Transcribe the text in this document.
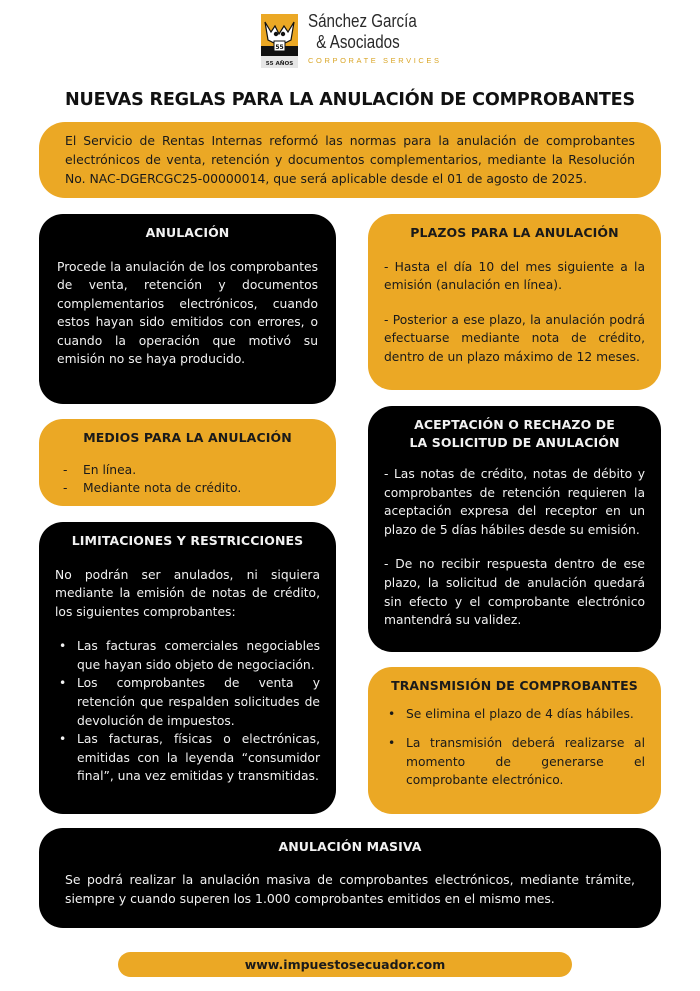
55
55 AÑOS
Sánchez García
& Asociados
CORPORATE SERVICES
NUEVAS REGLAS PARA LA ANULACIÓN DE COMPROBANTES

El Servicio de Rentas Internas reformó las normas para la anulación de comprobantes electrónicos de venta, retención y documentos complementarios, mediante la Resolución No. NAC-DGERCGC25-00000014, que será aplicable desde el 01 de agosto de 2025.

ANULACIÓN

Procede la anulación de los comprobantes de venta, retención y documentos complementarios electrónicos, cuando estos hayan sido emitidos con errores, o cuando la operación que motivó su emisión no se haya producido.

PLAZOS PARA LA ANULACIÓN

- Hasta el día 10 del mes siguiente a la emisión (anulación en línea).

- Posterior a ese plazo, la anulación podrá efectuarse mediante nota de crédito, dentro de un plazo máximo de 12 meses.

MEDIOS PARA LA ANULACIÓN
- En línea.
- Mediante nota de crédito.
ACEPTACIÓN O RECHAZO DE LA SOLICITUD DE ANULACIÓN

- Las notas de crédito, notas de débito y comprobantes de retención requieren la aceptación expresa del receptor en un plazo de 5 días hábiles desde su emisión.

- De no recibir respuesta dentro de ese plazo, la solicitud de anulación quedará sin efecto y el comprobante electrónico mantendrá su validez.

LIMITACIONES Y RESTRICCIONES

No podrán ser anulados, ni siquiera mediante la emisión de notas de crédito, los siguientes comprobantes:

• Las facturas comerciales negociables que hayan sido objeto de negociación.
• Los comprobantes de venta y retención que respalden solicitudes de devolución de impuestos.
• Las facturas, físicas o electrónicas, emitidas con la leyenda “consumidor final”, una vez emitidas y transmitidas.
TRANSMISIÓN DE COMPROBANTES
• Se elimina el plazo de 4 días hábiles.
• La transmisión deberá realizarse al momento de generarse el comprobante electrónico.
ANULACIÓN MASIVA

Se podrá realizar la anulación masiva de comprobantes electrónicos, mediante trámite, siempre y cuando superen los 1.000 comprobantes emitidos en el mismo mes.

www.impuestosecuador.com
